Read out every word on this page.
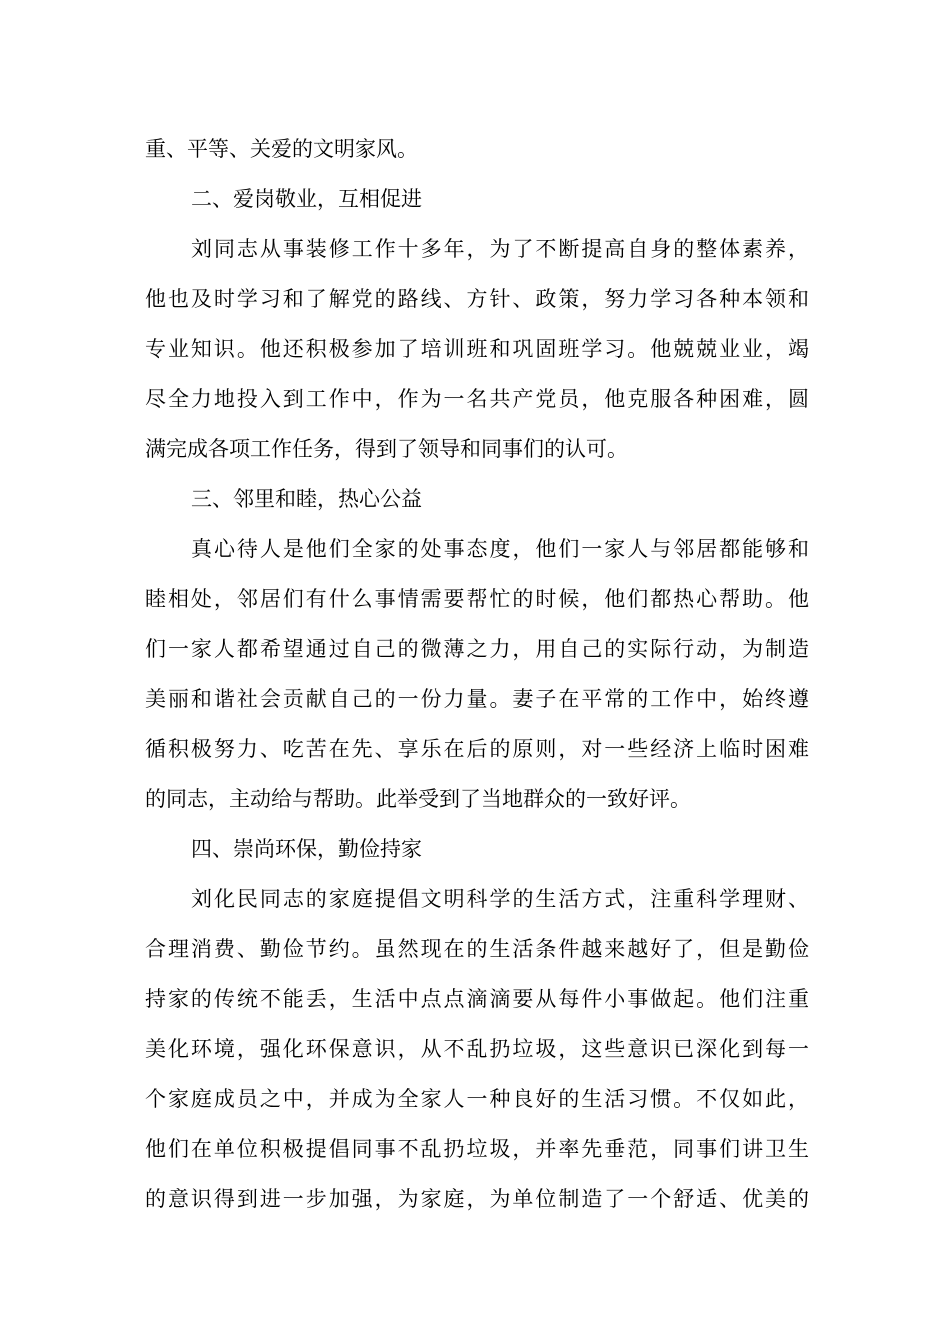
重、平等、关爱的文明家风。
二、爱岗敬业，互相促进
刘同志从事装修工作十多年，为了不断提高自身的整体素养，
他也及时学习和了解党的路线、方针、政策，努力学习各种本领和
专业知识。他还积极参加了培训班和巩固班学习。他兢兢业业，竭
尽全力地投入到工作中，作为一名共产党员，他克服各种困难，圆
满完成各项工作任务，得到了领导和同事们的认可。
三、邻里和睦，热心公益
真心待人是他们全家的处事态度，他们一家人与邻居都能够和
睦相处，邻居们有什么事情需要帮忙的时候，他们都热心帮助。他
们一家人都希望通过自己的微薄之力，用自己的实际行动，为制造
美丽和谐社会贡献自己的一份力量。妻子在平常的工作中，始终遵
循积极努力、吃苦在先、享乐在后的原则，对一些经济上临时困难
的同志，主动给与帮助。此举受到了当地群众的一致好评。
四、崇尚环保，勤俭持家
刘化民同志的家庭提倡文明科学的生活方式，注重科学理财、
合理消费、勤俭节约。虽然现在的生活条件越来越好了，但是勤俭
持家的传统不能丢，生活中点点滴滴要从每件小事做起。他们注重
美化环境，强化环保意识，从不乱扔垃圾，这些意识已深化到每一
个家庭成员之中，并成为全家人一种良好的生活习惯。不仅如此，
他们在单位积极提倡同事不乱扔垃圾，并率先垂范，同事们讲卫生
的意识得到进一步加强，为家庭，为单位制造了一个舒适、优美的
